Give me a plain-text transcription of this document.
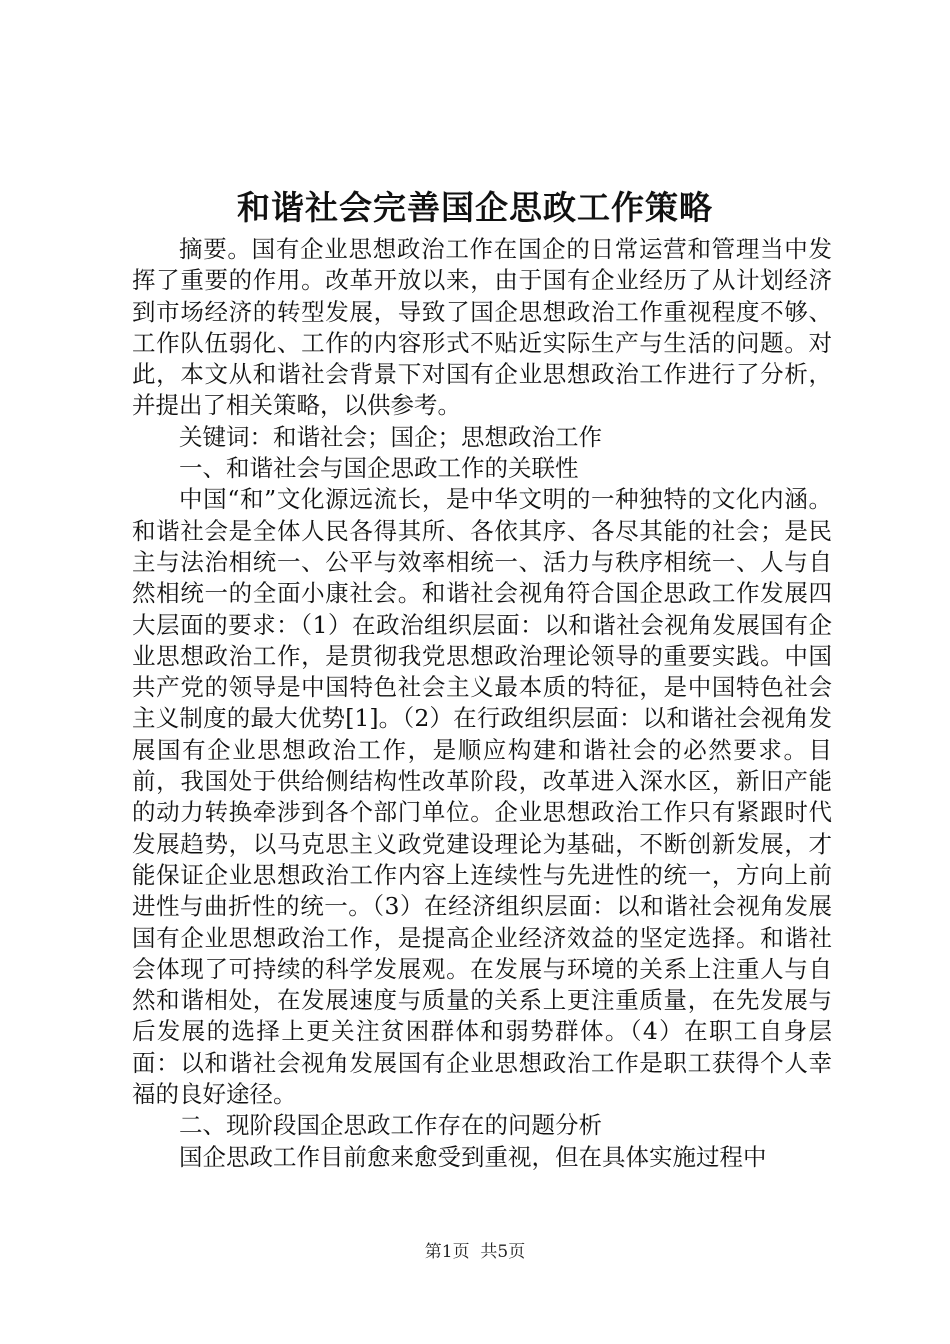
和谐社会完善国企思政工作策略

摘要。国有企业思想政治工作在国企的日常运营和管理当中发挥了重要的作用。改革开放以来，由于国有企业经历了从计划经济到市场经济的转型发展，导致了国企思想政治工作重视程度不够、工作队伍弱化、工作的内容形式不贴近实际生产与生活的问题。对此，本文从和谐社会背景下对国有企业思想政治工作进行了分析，并提出了相关策略，以供参考。

关键词：和谐社会；国企；思想政治工作

一、和谐社会与国企思政工作的关联性

中国“和”文化源远流长，是中华文明的一种独特的文化内涵。和谐社会是全体人民各得其所、各依其序、各尽其能的社会；是民主与法治相统一、公平与效率相统一、活力与秩序相统一、人与自然相统一的全面小康社会。和谐社会视角符合国企思政工作发展四大层面的要求：（1）在政治组织层面：以和谐社会视角发展国有企业思想政治工作，是贯彻我党思想政治理论领导的重要实践。中国共产党的领导是中国特色社会主义最本质的特征，是中国特色社会主义制度的最大优势[1]。（2）在行政组织层面：以和谐社会视角发展国有企业思想政治工作，是顺应构建和谐社会的必然要求。目前，我国处于供给侧结构性改革阶段，改革进入深水区，新旧产能的动力转换牵涉到各个部门单位。企业思想政治工作只有紧跟时代发展趋势，以马克思主义政党建设理论为基础，不断创新发展，才能保证企业思想政治工作内容上连续性与先进性的统一，方向上前进性与曲折性的统一。（3）在经济组织层面：以和谐社会视角发展国有企业思想政治工作，是提高企业经济效益的坚定选择。和谐社会体现了可持续的科学发展观。在发展与环境的关系上注重人与自然和谐相处，在发展速度与质量的关系上更注重质量，在先发展与后发展的选择上更关注贫困群体和弱势群体。（4）在职工自身层面：以和谐社会视角发展国有企业思想政治工作是职工获得个人幸福的良好途径。

二、现阶段国企思政工作存在的问题分析

国企思政工作目前愈来愈受到重视，但在具体实施过程中

第1页 共5页
